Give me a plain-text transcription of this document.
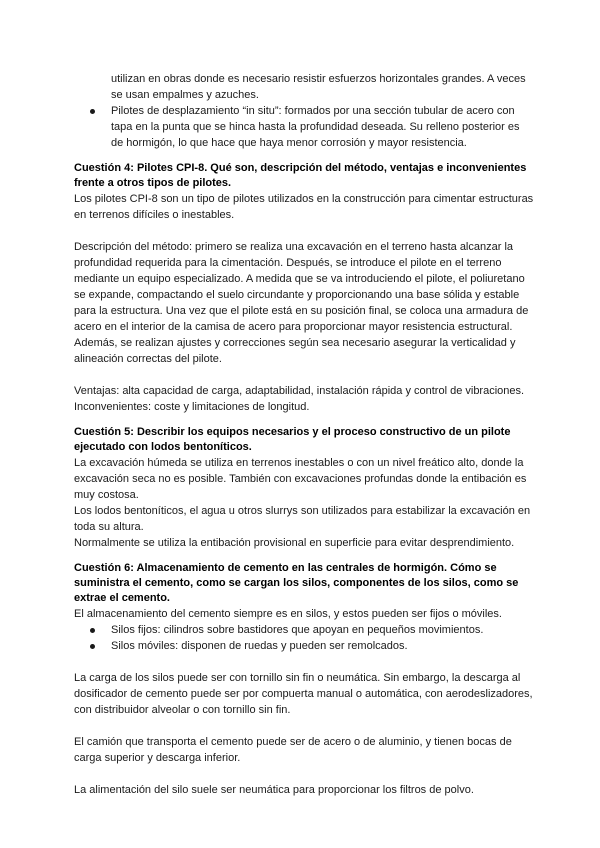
utilizan en obras donde es necesario resistir esfuerzos horizontales grandes. A veces se usan empalmes y azuches.

Pilotes de desplazamiento “in situ”: formados por una sección tubular de acero con tapa en la punta que se hinca hasta la profundidad deseada. Su relleno posterior es de hormigón, lo que hace que haya menor corrosión y mayor resistencia.
Cuestión 4: Pilotes CPI-8. Qué son, descripción del método, ventajas e inconvenientes frente a otros tipos de pilotes.

Los pilotes CPI-8 son un tipo de pilotes utilizados en la construcción para cimentar estructuras en terrenos difíciles o inestables.

Descripción del método: primero se realiza una excavación en el terreno hasta alcanzar la profundidad requerida para la cimentación. Después, se introduce el pilote en el terreno mediante un equipo especializado. A medida que se va introduciendo el pilote, el poliuretano se expande, compactando el suelo circundante y proporcionando una base sólida y estable para la estructura. Una vez que el pilote está en su posición final, se coloca una armadura de acero en el interior de la camisa de acero para proporcionar mayor resistencia estructural. Además, se realizan ajustes y correcciones según sea necesario asegurar la verticalidad y alineación correctas del pilote.

Ventajas: alta capacidad de carga, adaptabilidad, instalación rápida y control de vibraciones.

Inconvenientes: coste y limitaciones de longitud.

Cuestión 5: Describir los equipos necesarios y el proceso constructivo de un pilote ejecutado con lodos bentoníticos.

La excavación húmeda se utiliza en terrenos inestables o con un nivel freático alto, donde la excavación seca no es posible. También con excavaciones profundas donde la entibación es muy costosa.

Los lodos bentoníticos, el agua u otros slurrys son utilizados para estabilizar la excavación en toda su altura.

Normalmente se utiliza la entibación provisional en superficie para evitar desprendimiento.

Cuestión 6: Almacenamiento de cemento en las centrales de hormigón. Cómo se suministra el cemento, como se cargan los silos, componentes de los silos, como se extrae el cemento.

El almacenamiento del cemento siempre es en silos, y estos pueden ser fijos o móviles.

Silos fijos: cilindros sobre bastidores que apoyan en pequeños movimientos.
Silos móviles: disponen de ruedas y pueden ser remolcados.

La carga de los silos puede ser con tornillo sin fin o neumática. Sin embargo, la descarga al dosificador de cemento puede ser por compuerta manual o automática, con aerodeslizadores, con distribuidor alveolar o con tornillo sin fin.

El camión que transporta el cemento puede ser de acero o de aluminio, y tienen bocas de carga superior y descarga inferior.

La alimentación del silo suele ser neumática para proporcionar los filtros de polvo.
